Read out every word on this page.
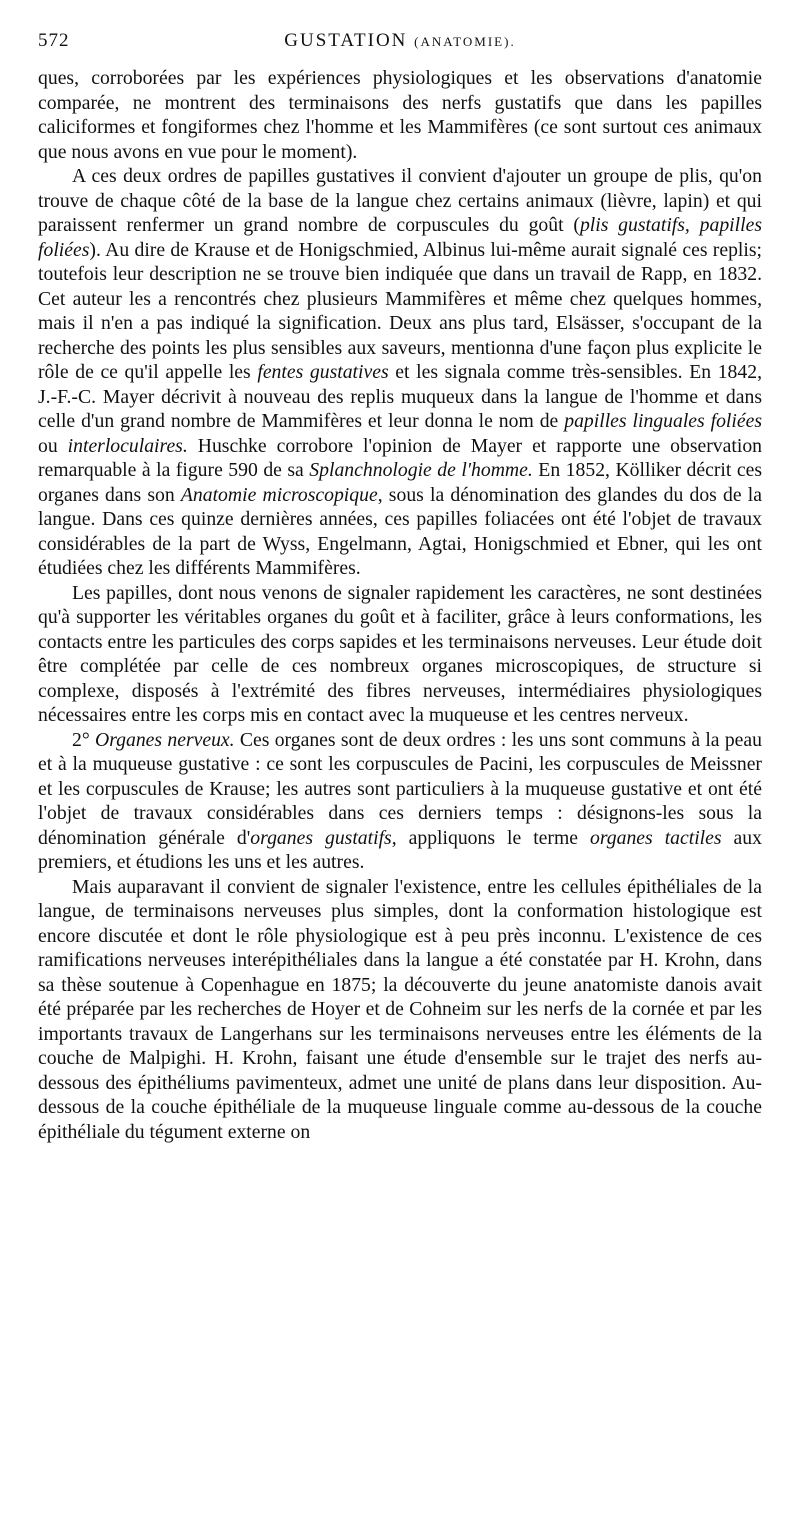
572	GUSTATION (ANATOMIE).

ques, corroborées par les expériences physiologiques et les observations d'anatomie comparée, ne montrent des terminaisons des nerfs gustatifs que dans les papilles caliciformes et fongiformes chez l'homme et les Mammifères (ce sont surtout ces animaux que nous avons en vue pour le moment).

A ces deux ordres de papilles gustatives il convient d'ajouter un groupe de plis, qu'on trouve de chaque côté de la base de la langue chez certains animaux (lièvre, lapin) et qui paraissent renfermer un grand nombre de corpuscules du goût (plis gustatifs, papilles foliées). Au dire de Krause et de Honigschmied, Albinus lui-même aurait signalé ces replis; toutefois leur description ne se trouve bien indiquée que dans un travail de Rapp, en 1832. Cet auteur les a rencontrés chez plusieurs Mammifères et même chez quelques hommes, mais il n'en a pas indiqué la signification. Deux ans plus tard, Elsässer, s'occupant de la recherche des points les plus sensibles aux saveurs, mentionna d'une façon plus explicite le rôle de ce qu'il appelle les fentes gustatives et les signala comme très-sensibles. En 1842, J.-F.-C. Mayer décrivit à nouveau des replis muqueux dans la langue de l'homme et dans celle d'un grand nombre de Mammifères et leur donna le nom de papilles linguales foliées ou interloculaires. Huschke corrobore l'opinion de Mayer et rapporte une observation remarquable à la figure 590 de sa Splanchnologie de l'homme. En 1852, Kölliker décrit ces organes dans son Anatomie microscopique, sous la dénomination des glandes du dos de la langue. Dans ces quinze dernières années, ces papilles foliacées ont été l'objet de travaux considérables de la part de Wyss, Engelmann, Agtai, Honigschmied et Ebner, qui les ont étudiées chez les différents Mammifères.

Les papilles, dont nous venons de signaler rapidement les caractères, ne sont destinées qu'à supporter les véritables organes du goût et à faciliter, grâce à leurs conformations, les contacts entre les particules des corps sapides et les terminaisons nerveuses. Leur étude doit être complétée par celle de ces nombreux organes microscopiques, de structure si complexe, disposés à l'extrémité des fibres nerveuses, intermédiaires physiologiques nécessaires entre les corps mis en contact avec la muqueuse et les centres nerveux.

2° Organes nerveux. Ces organes sont de deux ordres : les uns sont communs à la peau et à la muqueuse gustative : ce sont les corpuscules de Pacini, les corpuscules de Meissner et les corpuscules de Krause; les autres sont particuliers à la muqueuse gustative et ont été l'objet de travaux considérables dans ces derniers temps : désignons-les sous la dénomination générale d'organes gustatifs, appliquons le terme organes tactiles aux premiers, et étudions les uns et les autres.

Mais auparavant il convient de signaler l'existence, entre les cellules épithéliales de la langue, de terminaisons nerveuses plus simples, dont la conformation histologique est encore discutée et dont le rôle physiologique est à peu près inconnu. L'existence de ces ramifications nerveuses interépithéliales dans la langue a été constatée par H. Krohn, dans sa thèse soutenue à Copenhague en 1875; la découverte du jeune anatomiste danois avait été préparée par les recherches de Hoyer et de Cohneim sur les nerfs de la cornée et par les importants travaux de Langerhans sur les terminaisons nerveuses entre les éléments de la couche de Malpighi. H. Krohn, faisant une étude d'ensemble sur le trajet des nerfs au-dessous des épithéliums pavimenteux, admet une unité de plans dans leur disposition. Au-dessous de la couche épithéliale de la muqueuse linguale comme au-dessous de la couche épithéliale du tégument externe on
